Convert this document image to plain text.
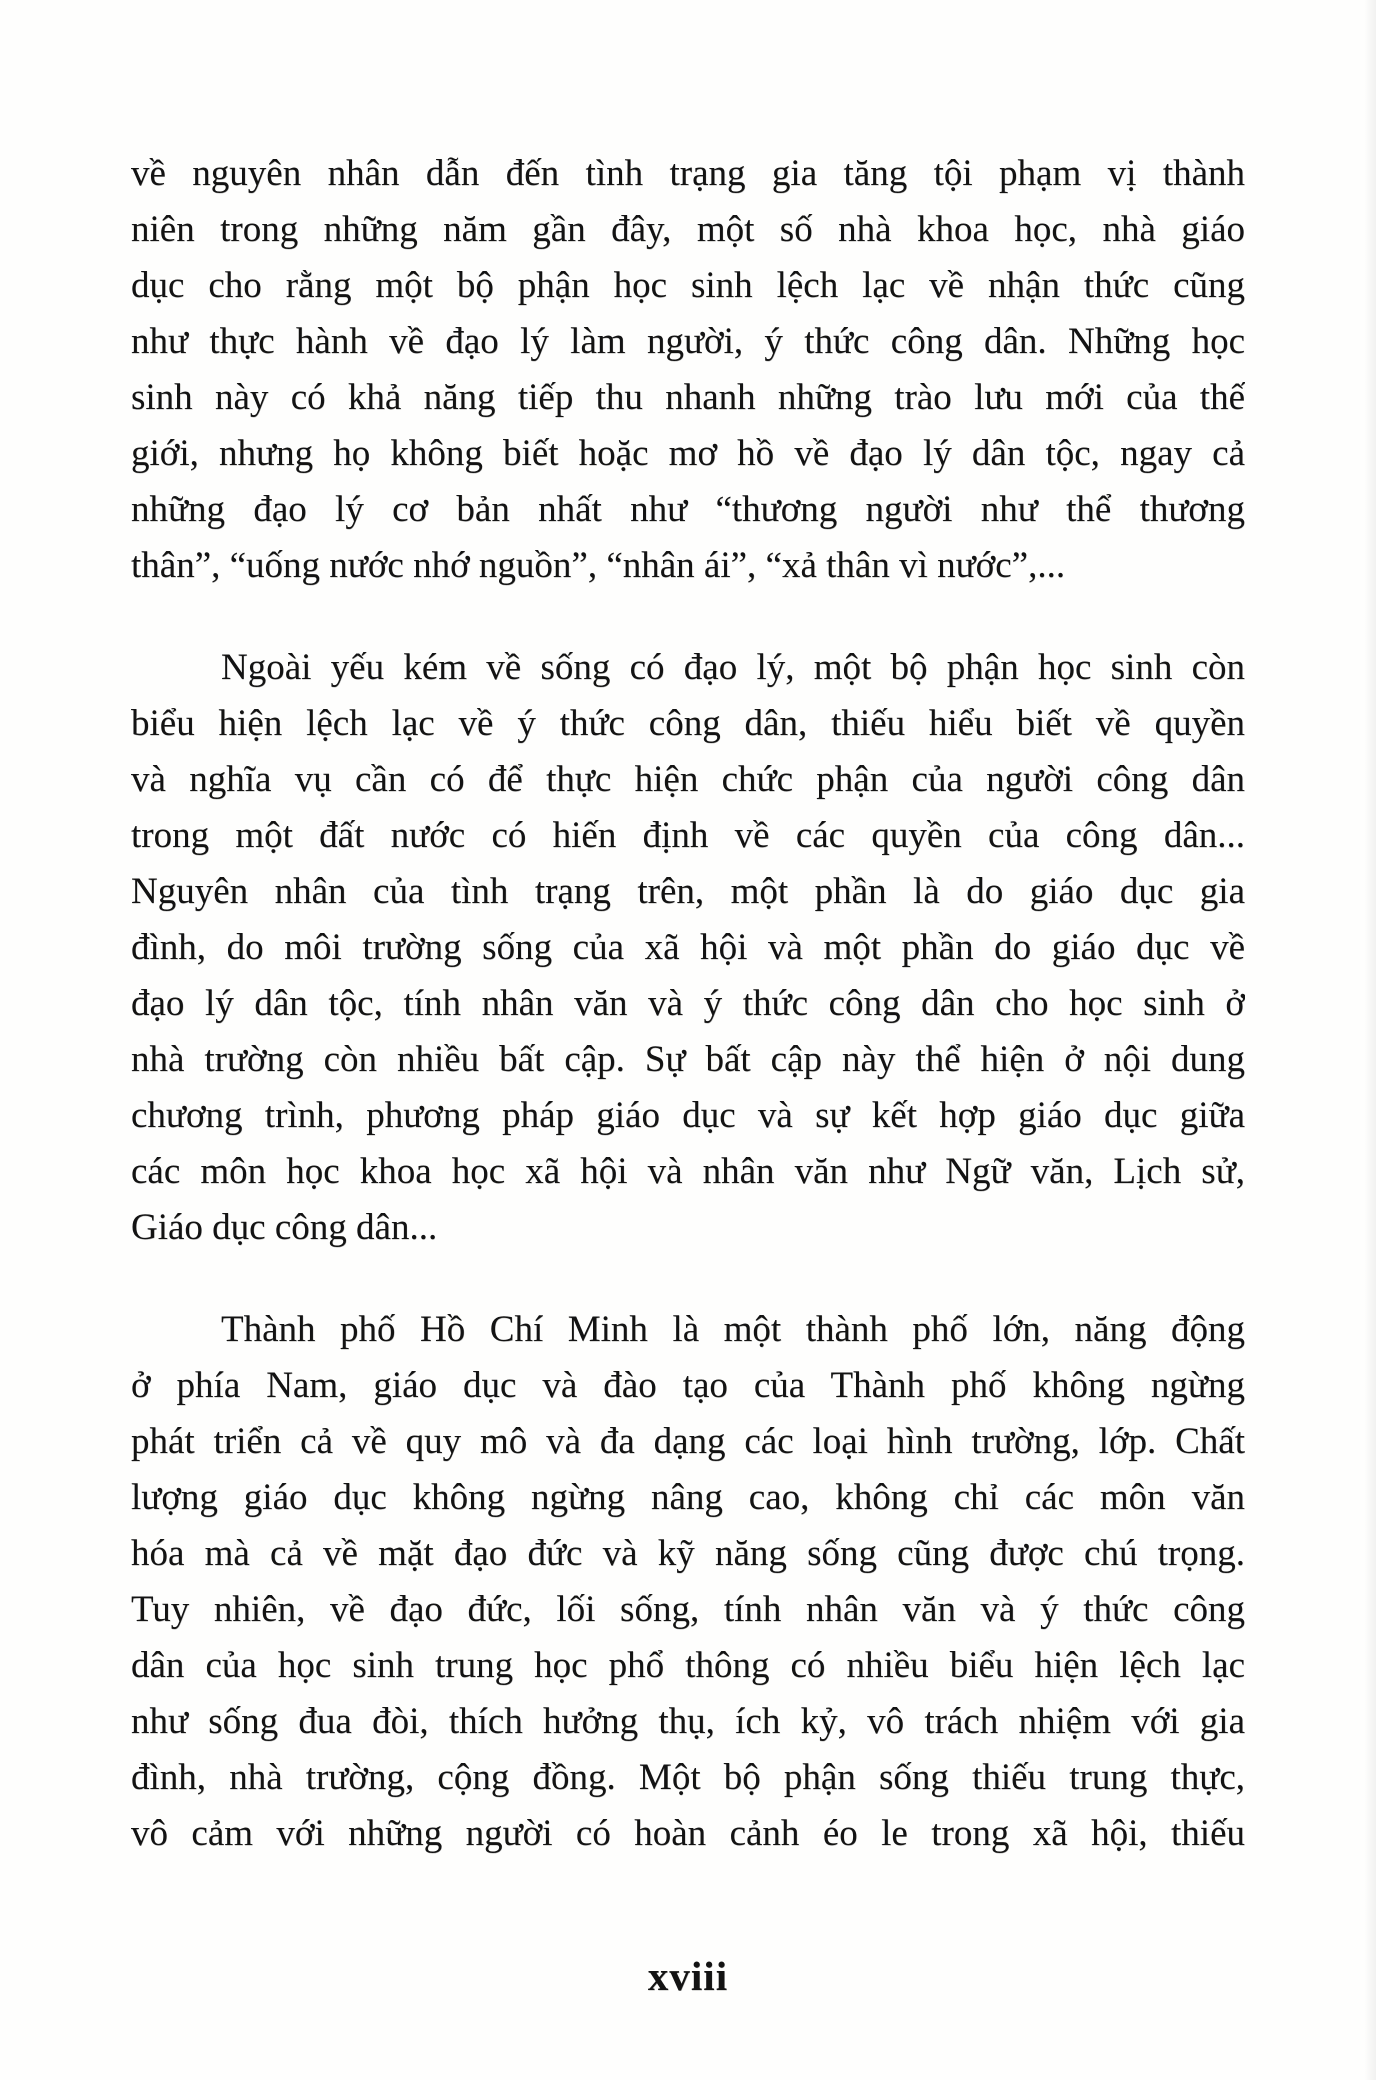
về nguyên nhân dẫn đến tình trạng gia tăng tội phạm vị thành
niên trong những năm gần đây, một số nhà khoa học, nhà giáo
dục cho rằng một bộ phận học sinh lệch lạc về nhận thức cũng
như thực hành về đạo lý làm người, ý thức công dân. Những học
sinh này có khả năng tiếp thu nhanh những trào lưu mới của thế
giới, nhưng họ không biết hoặc mơ hồ về đạo lý dân tộc, ngay cả
những đạo lý cơ bản nhất như “thương người như thể thương
thân”, “uống nước nhớ nguồn”, “nhân ái”, “xả thân vì nước”,...
Ngoài yếu kém về sống có đạo lý, một bộ phận học sinh còn
biểu hiện lệch lạc về ý thức công dân, thiếu hiểu biết về quyền
và nghĩa vụ cần có để thực hiện chức phận của người công dân
trong một đất nước có hiến định về các quyền của công dân...
Nguyên nhân của tình trạng trên, một phần là do giáo dục gia
đình, do môi trường sống của xã hội và một phần do giáo dục về
đạo lý dân tộc, tính nhân văn và ý thức công dân cho học sinh ở
nhà trường còn nhiều bất cập. Sự bất cập này thể hiện ở nội dung
chương trình, phương pháp giáo dục và sự kết hợp giáo dục giữa
các môn học khoa học xã hội và nhân văn như Ngữ văn, Lịch sử,
Giáo dục công dân...
Thành phố Hồ Chí Minh là một thành phố lớn, năng động
ở phía Nam, giáo dục và đào tạo của Thành phố không ngừng
phát triển cả về quy mô và đa dạng các loại hình trường, lớp. Chất
lượng giáo dục không ngừng nâng cao, không chỉ các môn văn
hóa mà cả về mặt đạo đức và kỹ năng sống cũng được chú trọng.
Tuy nhiên, về đạo đức, lối sống, tính nhân văn và ý thức công
dân của học sinh trung học phổ thông có nhiều biểu hiện lệch lạc
như sống đua đòi, thích hưởng thụ, ích kỷ, vô trách nhiệm với gia
đình, nhà trường, cộng đồng. Một bộ phận sống thiếu trung thực,
vô cảm với những người có hoàn cảnh éo le trong xã hội, thiếu
xviii
